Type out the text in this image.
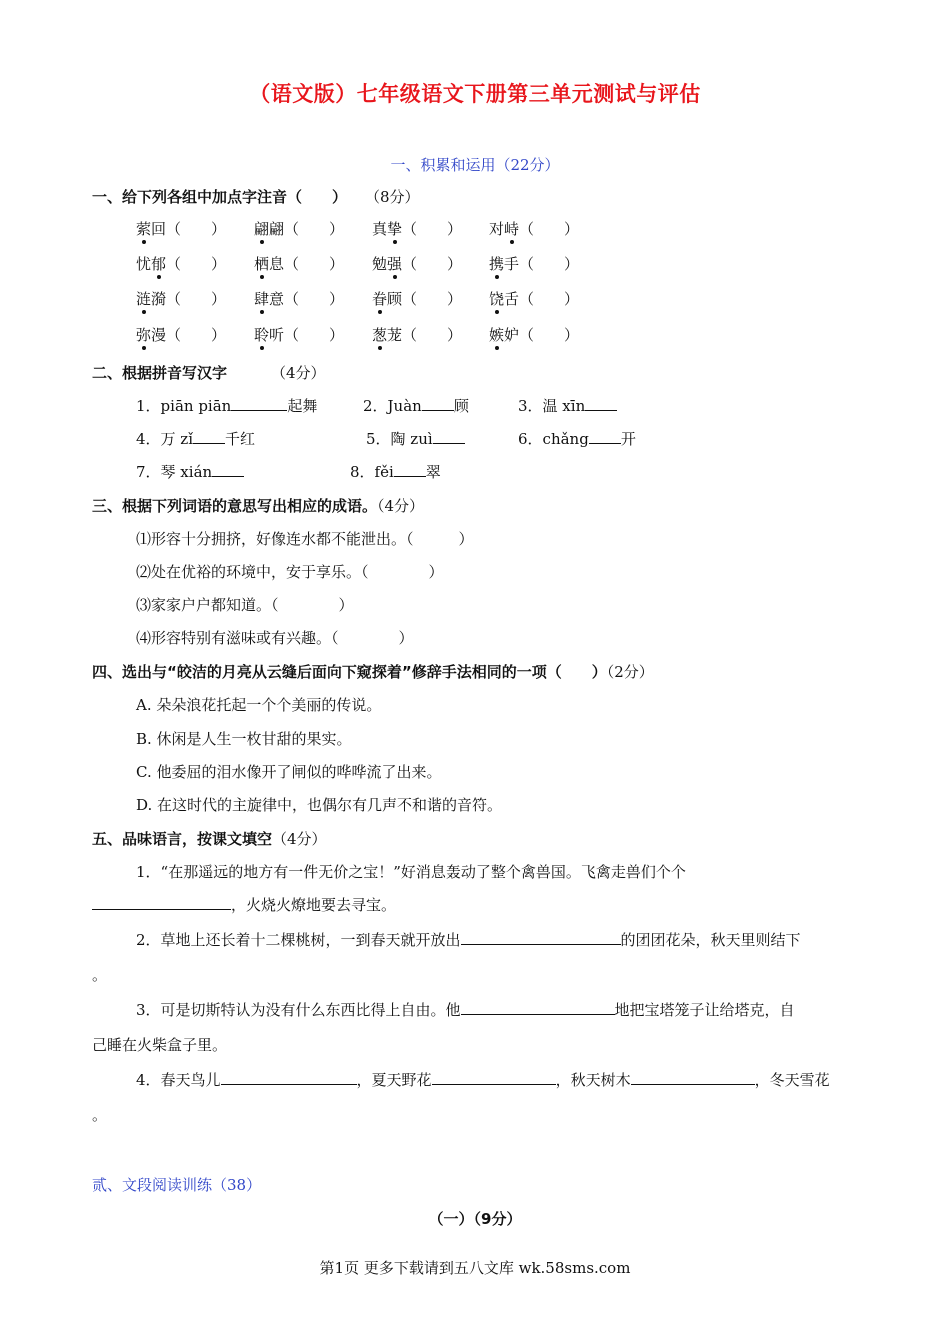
（语文版）七年级语文下册第三单元测试与评估
一、积累和运用（22分）
一、给下列各组中加点字注音（　　） （8分）
萦回（　　） 翩翩（　　） 真挚（　　） 对峙（　　）
忧郁（　　） 栖息（　　） 勉强（　　） 携手（　　）
涟漪（　　） 肆意（　　） 眷顾（　　） 饶舌（　　）
弥漫（　　） 聆听（　　） 葱茏（　　） 嫉妒（　　）
二、根据拼音写汉字	（4分）
1．piān piān	起舞	2．Juàn 顾	3．温 xīn
4．万 zǐ 千红	5．陶 zuì	6．chǎng 开
7．琴 xián	8．fěi 翠
三、根据下列词语的意思写出相应的成语。（4分）
⑴形容十分拥挤，好像连水都不能泄出。（　　　）
⑵处在优裕的环境中，安于享乐。（　　　　）
⑶家家户户都知道。（　　　　）
⑷形容特别有滋味或有兴趣。（　　　　）
四、选出与“皎洁的月亮从云缝后面向下窥探着”修辞手法相同的一项（　　）（2分）
A. 朵朵浪花托起一个个美丽的传说。
B. 休闲是人生一枚甘甜的果实。
C. 他委屈的泪水像开了闸似的哗哗流了出来。
D. 在这时代的主旋律中，也偶尔有几声不和谐的音符。
五、品味语言，按课文填空（4分）
1．“在那遥远的地方有一件无价之宝！”好消息轰动了整个禽兽国。飞禽走兽们个个
，火烧火燎地要去寻宝。
2．草地上还长着十二棵桃树，一到春天就开放出	的团团花朵，秋天里则结下
。
3．可是切斯特认为没有什么东西比得上自由。他	地把宝塔笼子让给塔克，自
己睡在火柴盒子里。
4．春天鸟儿	，夏天野花	，秋天树木	，冬天雪花
。
贰、文段阅读训练（38）
（一）（9分）
第1页 更多下载请到五八文库 wk.58sms.com
